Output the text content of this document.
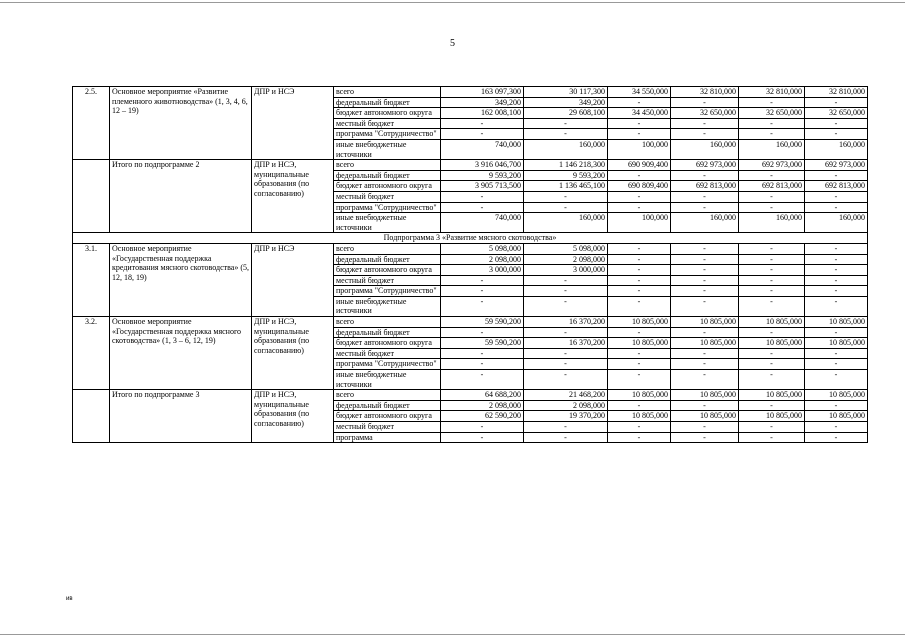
5
2.5.	Основное мероприятие «Развитие племенного животноводства» (1, 3, 4, 6, 12 – 19)	ДПР и НСЭ	всего	163 097,300	30 117,300	34 550,000	32 810,000	32 810,000	32 810,000
			федеральный бюджет	349,200	349,200	-	-	-	-
			бюджет автономного округа	162 008,100	29 608,100	34 450,000	32 650,000	32 650,000	32 650,000
			местный бюджет	-	-	-	-	-	-
			программа "Сотрудничество"	-	-	-	-	-	-
			иные внебюджетные источники	740,000	160,000	100,000	160,000	160,000	160,000
	Итого по подпрограмме 2	ДПР и НСЭ, муниципальные образования (по согласованию)	всего	3 916 046,700	1 146 218,300	690 909,400	692 973,000	692 973,000	692 973,000
			федеральный бюджет	9 593,200	9 593,200	-	-	-	-
			бюджет автономного округа	3 905 713,500	1 136 465,100	690 809,400	692 813,000	692 813,000	692 813,000
			местный бюджет	-	-	-	-	-	-
			программа "Сотрудничество"	-	-	-	-	-	-
			иные внебюджетные источники	740,000	160,000	100,000	160,000	160,000	160,000
Подпрограмма 3 «Развитие мясного скотоводства»									
3.1.	Основное мероприятие «Государственная поддержка кредитования мясного скотоводства» (5, 12, 18, 19)	ДПР и НСЭ	всего	5 098,000	5 098,000	-	-	-	-
			федеральный бюджет	2 098,000	2 098,000	-	-	-	-
			бюджет автономного округа	3 000,000	3 000,000	-	-	-	-
			местный бюджет	-	-	-	-	-	-
			программа "Сотрудничество"	-	-	-	-	-	-
			иные внебюджетные источники	-	-	-	-	-	-
3.2.	Основное мероприятие «Государственная поддержка мясного скотоводства» (1, 3 – 6, 12, 19)	ДПР и НСЭ, муниципальные образования (по согласованию)	всего	59 590,200	16 370,200	10 805,000	10 805,000	10 805,000	10 805,000
			федеральный бюджет	-	-	-	-	-	-
			бюджет автономного округа	59 590,200	16 370,200	10 805,000	10 805,000	10 805,000	10 805,000
			местный бюджет	-	-	-	-	-	-
			программа "Сотрудничество"	-	-	-	-	-	-
			иные внебюджетные источники	-	-	-	-	-	-
	Итого по подпрограмме 3	ДПР и НСЭ, муниципальные образования (по согласованию)	всего	64 688,200	21 468,200	10 805,000	10 805,000	10 805,000	10 805,000
			федеральный бюджет	2 098,000	2 098,000	-	-	-	-
			бюджет автономного округа	62 590,200	19 370,200	10 805,000	10 805,000	10 805,000	10 805,000
			местный бюджет	-	-	-	-	-	-
			программа	-	-	-	-	-	-
ив
